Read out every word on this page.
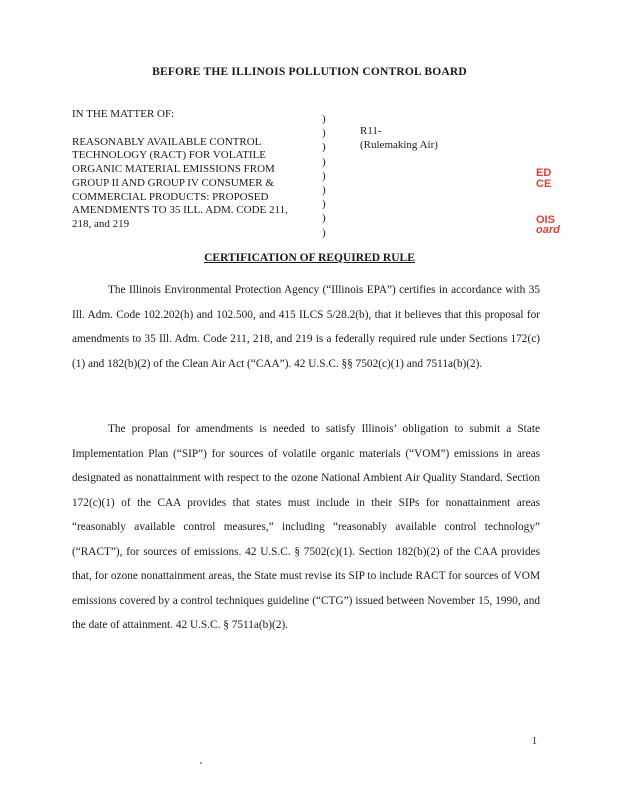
BEFORE THE ILLINOIS POLLUTION CONTROL BOARD
IN THE MATTER OF:
REASONABLY AVAILABLE CONTROL
TECHNOLOGY (RACT) FOR VOLATILE
ORGANIC MATERIAL EMISSIONS FROM
GROUP II AND GROUP IV CONSUMER &
COMMERCIAL PRODUCTS: PROPOSED
AMENDMENTS TO 35 ILL. ADM. CODE 211,
218, and 219
)
)
)
)
)
)
)
)
)
R11-
(Rulemaking Air)
ED
CE
OIS
oard
CERTIFICATION OF REQUIRED RULE
The Illinois Environmental Protection Agency (“Illinois EPA”) certifies in accordance with 35 Ill. Adm. Code 102.202(h) and 102.500, and 415 ILCS 5/28.2(b), that it believes that this proposal for amendments to 35 Ill. Adm. Code 211, 218, and 219 is a federally required rule under Sections 172(c)(1) and 182(b)(2) of the Clean Air Act (“CAA”). 42 U.S.C. §§ 7502(c)(1) and 7511a(b)(2).
The proposal for amendments is needed to satisfy Illinois’ obligation to submit a State Implementation Plan (“SIP”) for sources of volatile organic materials (“VOM”) emissions in areas designated as nonattainment with respect to the ozone National Ambient Air Quality Standard. Section 172(c)(1) of the CAA provides that states must include in their SIPs for nonattainment areas “reasonably available control measures,” including “reasonably available control technology” (“RACT”), for sources of emissions. 42 U.S.C. § 7502(c)(1). Section 182(b)(2) of the CAA provides that, for ozone nonattainment areas, the State must revise its SIP to include RACT for sources of VOM emissions covered by a control techniques guideline (“CTG”) issued between November 15, 1990, and the date of attainment. 42 U.S.C. § 7511a(b)(2).
1
